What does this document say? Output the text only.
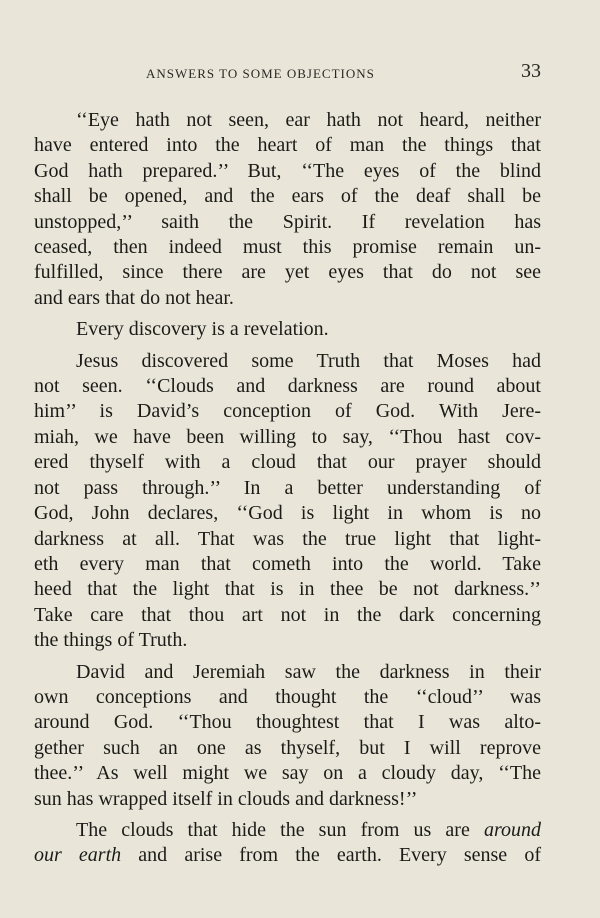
ANSWERS TO SOME OBJECTIONS	33

‘‘Eye hath not seen, ear hath not heard, neither
have entered into the heart of man the things that
God hath prepared.’’ But, ‘‘The eyes of the blind
shall be opened, and the ears of the deaf shall be
unstopped,’’ saith the Spirit. If revelation has
ceased, then indeed must this promise remain un-
fulfilled, since there are yet eyes that do not see
and ears that do not hear.

Every discovery is a revelation.

Jesus discovered some Truth that Moses had
not seen. ‘‘Clouds and darkness are round about
him’’ is David’s conception of God. With Jere-
miah, we have been willing to say, ‘‘Thou hast cov-
ered thyself with a cloud that our prayer should
not pass through.’’ In a better understanding of
God, John declares, ‘‘God is light in whom is no
darkness at all. That was the true light that light-
eth every man that cometh into the world. Take
heed that the light that is in thee be not darkness.’’
Take care that thou art not in the dark concerning
the things of Truth.

David and Jeremiah saw the darkness in their
own conceptions and thought the ‘‘cloud’’ was
around God. ‘‘Thou thoughtest that I was alto-
gether such an one as thyself, but I will reprove
thee.’’ As well might we say on a cloudy day, ‘‘The
sun has wrapped itself in clouds and darkness!’’

The clouds that hide the sun from us are around
our earth and arise from the earth. Every sense of
